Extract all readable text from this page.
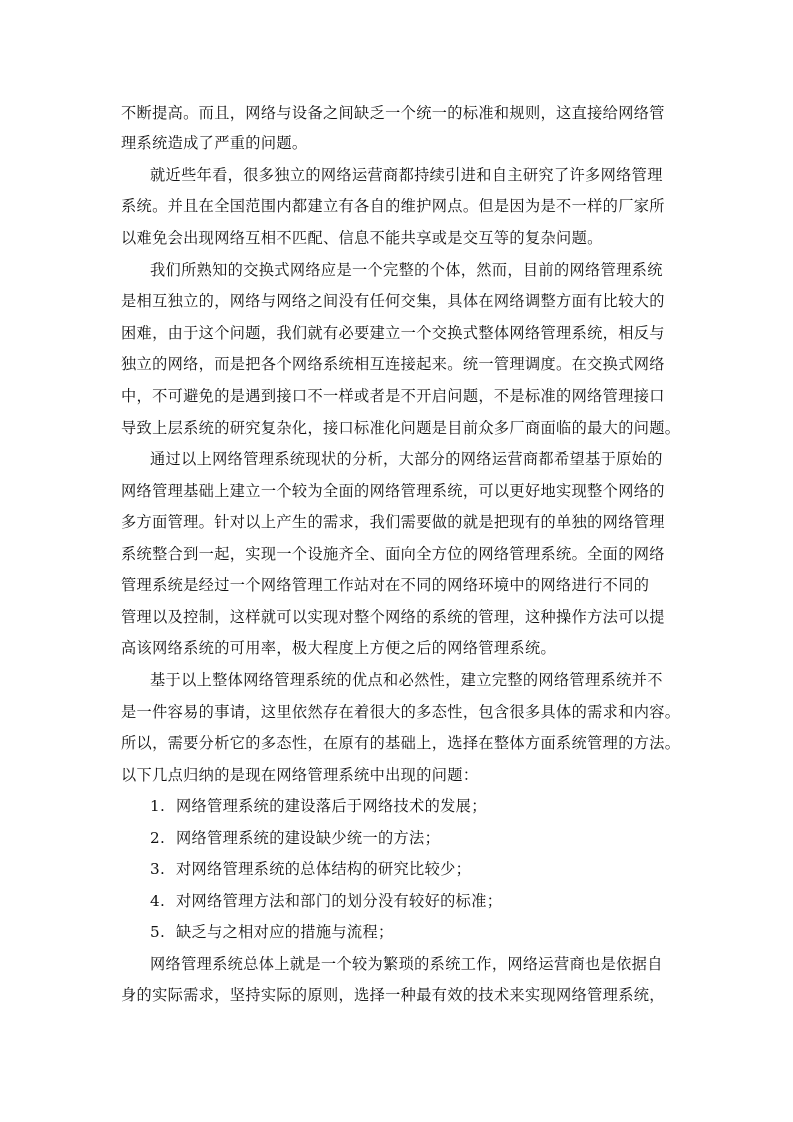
不断提高。而且，网络与设备之间缺乏一个统一的标准和规则，这直接给网络管
理系统造成了严重的问题。
就近些年看，很多独立的网络运营商都持续引进和自主研究了许多网络管理
系统。并且在全国范围内都建立有各自的维护网点。但是因为是不一样的厂家所
以难免会出现网络互相不匹配、信息不能共享或是交互等的复杂问题。
我们所熟知的交换式网络应是一个完整的个体，然而，目前的网络管理系统
是相互独立的，网络与网络之间没有任何交集，具体在网络调整方面有比较大的
困难，由于这个问题，我们就有必要建立一个交换式整体网络管理系统，相反与
独立的网络，而是把各个网络系统相互连接起来。统一管理调度。在交换式网络
中，不可避免的是遇到接口不一样或者是不开启问题，不是标准的网络管理接口
导致上层系统的研究复杂化，接口标准化问题是目前众多厂商面临的最大的问题。
通过以上网络管理系统现状的分析，大部分的网络运营商都希望基于原始的
网络管理基础上建立一个较为全面的网络管理系统，可以更好地实现整个网络的
多方面管理。针对以上产生的需求，我们需要做的就是把现有的单独的网络管理
系统整合到一起，实现一个设施齐全、面向全方位的网络管理系统。全面的网络
管理系统是经过一个网络管理工作站对在不同的网络环境中的网络进行不同的
管理以及控制，这样就可以实现对整个网络的系统的管理，这种操作方法可以提
高该网络系统的可用率，极大程度上方便之后的网络管理系统。
基于以上整体网络管理系统的优点和必然性，建立完整的网络管理系统并不
是一件容易的事请，这里依然存在着很大的多态性，包含很多具体的需求和内容。
所以，需要分析它的多态性，在原有的基础上，选择在整体方面系统管理的方法。
以下几点归纳的是现在网络管理系统中出现的问题：
1. 网络管理系统的建设落后于网络技术的发展；
2. 网络管理系统的建设缺少统一的方法；
3. 对网络管理系统的总体结构的研究比较少；
4. 对网络管理方法和部门的划分没有较好的标准；
5. 缺乏与之相对应的措施与流程；
网络管理系统总体上就是一个较为繁琐的系统工作，网络运营商也是依据自
身的实际需求，坚持实际的原则，选择一种最有效的技术来实现网络管理系统，
